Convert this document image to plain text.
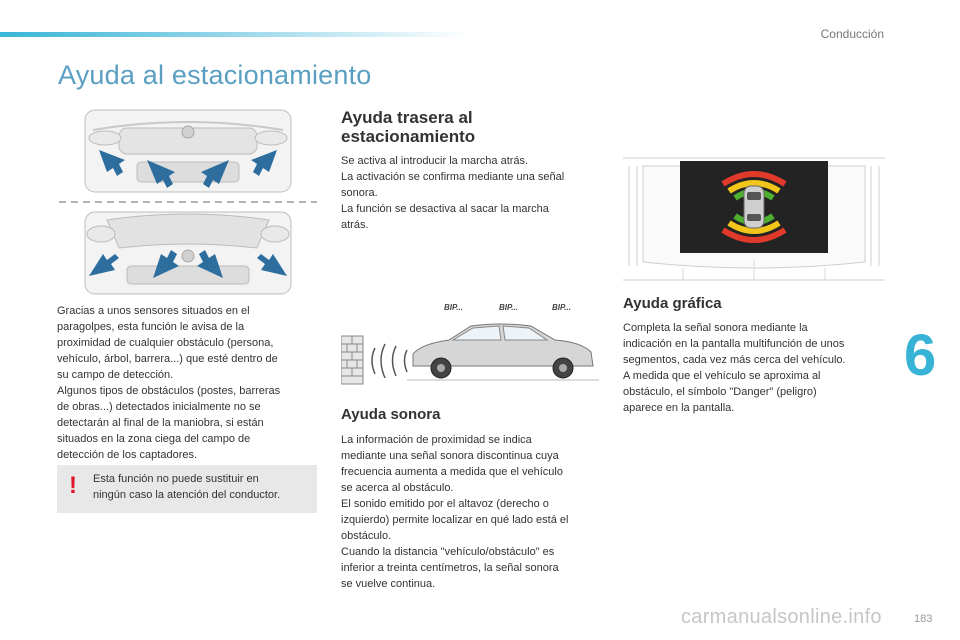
Conducción
Ayuda al estacionamiento

Gracias a unos sensores situados en el
paragolpes, esta función le avisa de la
proximidad de cualquier obstáculo (persona,
vehículo, árbol, barrera...) que esté dentro de
su campo de detección.
Algunos tipos de obstáculos (postes, barreras
de obras...) detectados inicialmente no se
detectarán al final de la maniobra, si están
situados en la zona ciega del campo de
detección de los captadores.

! Esta función no puede sustituir en
ningún caso la atención del conductor.
Ayuda trasera al
estacionamiento

Se activa al introducir la marcha atrás.
La activación se confirma mediante una señal
sonora.
La función se desactiva al sacar la marcha
atrás.

BIP...	BIP...	BIP...
Ayuda sonora

La información de proximidad se indica
mediante una señal sonora discontinua cuya
frecuencia aumenta a medida que el vehículo
se acerca al obstáculo.
El sonido emitido por el altavoz (derecho o
izquierdo) permite localizar en qué lado está el
obstáculo.
Cuando la distancia "vehículo/obstáculo" es
inferior a treinta centímetros, la señal sonora
se vuelve continua.

Ayuda gráfica

Completa la señal sonora mediante la
indicación en la pantalla multifunción de unos
segmentos, cada vez más cerca del vehículo.
A medida que el vehículo se aproxima al
obstáculo, el símbolo "Danger" (peligro)
aparece en la pantalla.

6
carmanualsonline.info	183
